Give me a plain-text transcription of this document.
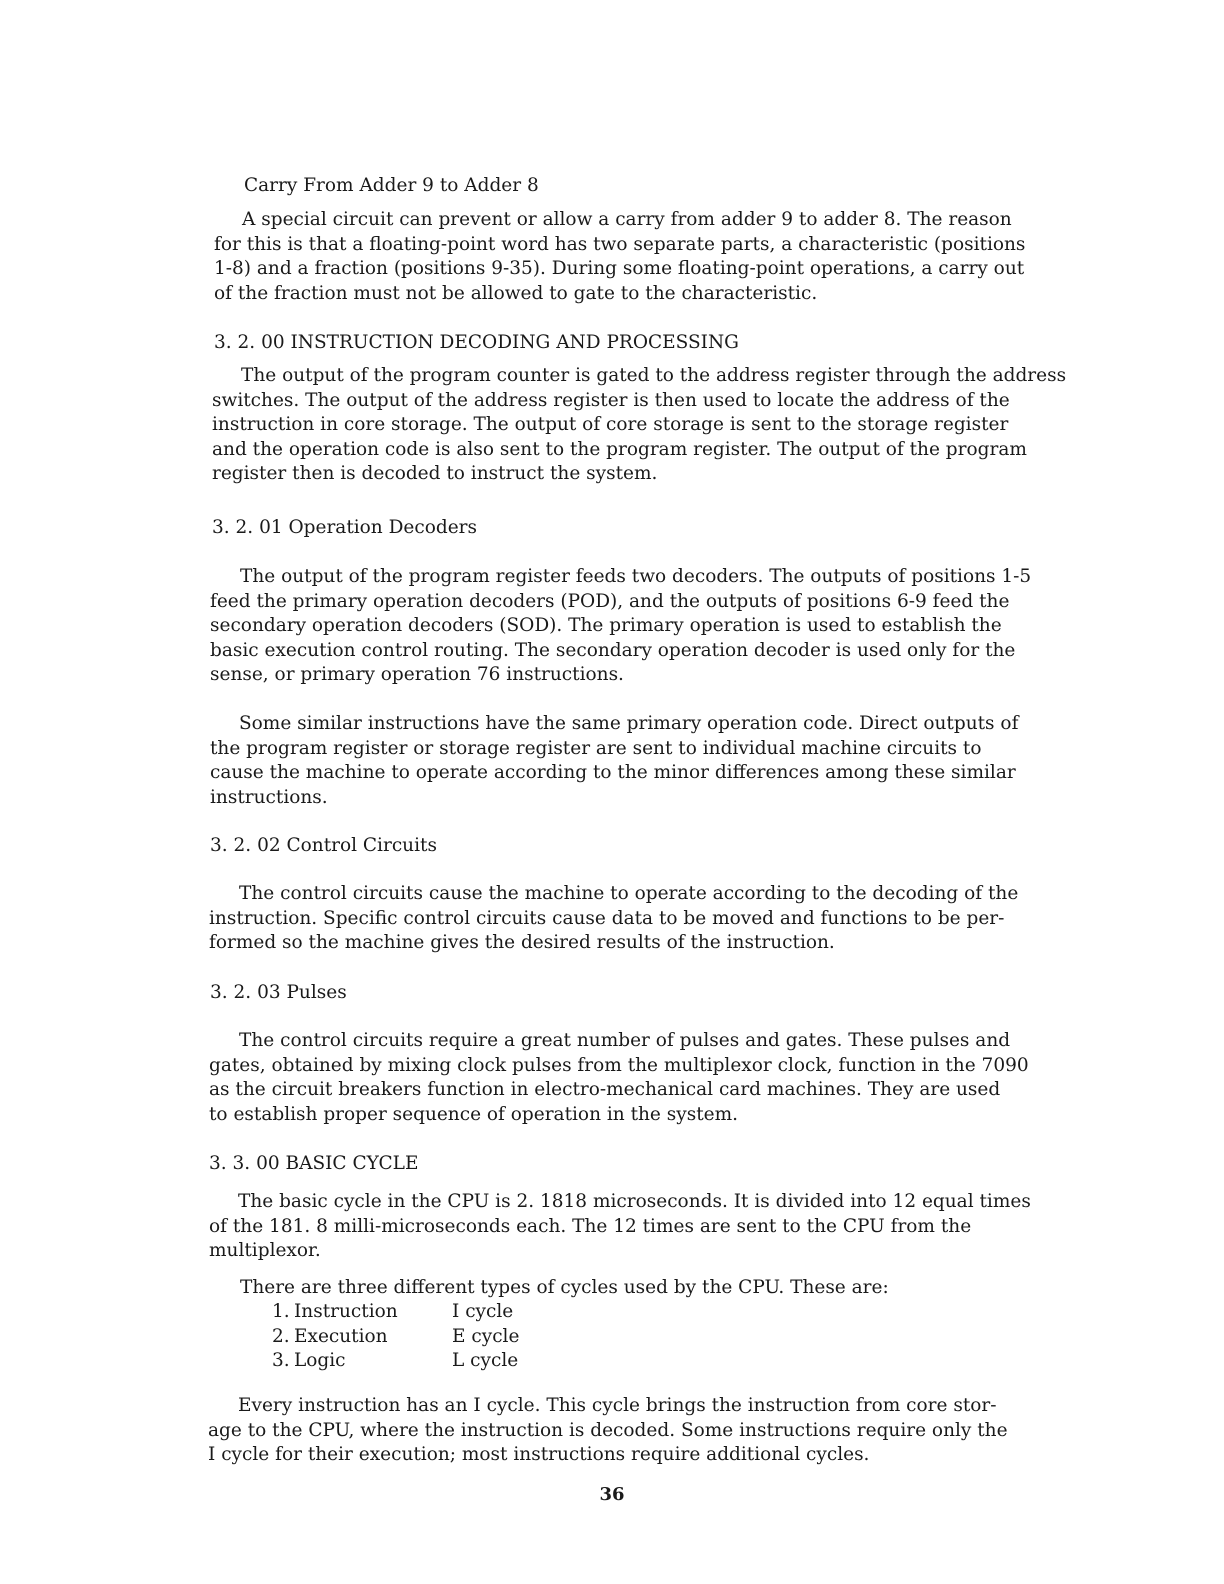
Carry From Adder 9 to Adder 8
A special circuit can prevent or allow a carry from adder 9 to adder 8. The reason
for this is that a floating-point word has two separate parts, a characteristic (positions
1-8) and a fraction (positions 9-35). During some floating-point operations, a carry out
of the fraction must not be allowed to gate to the characteristic.
3. 2. 00 INSTRUCTION DECODING AND PROCESSING
The output of the program counter is gated to the address register through the address
switches. The output of the address register is then used to locate the address of the
instruction in core storage. The output of core storage is sent to the storage register
and the operation code is also sent to the program register. The output of the program
register then is decoded to instruct the system.
3. 2. 01 Operation Decoders
The output of the program register feeds two decoders. The outputs of positions 1-5
feed the primary operation decoders (POD), and the outputs of positions 6-9 feed the
secondary operation decoders (SOD). The primary operation is used to establish the
basic execution control routing. The secondary operation decoder is used only for the
sense, or primary operation 76 instructions.
Some similar instructions have the same primary operation code. Direct outputs of
the program register or storage register are sent to individual machine circuits to
cause the machine to operate according to the minor differences among these similar
instructions.
3. 2. 02 Control Circuits
The control circuits cause the machine to operate according to the decoding of the
instruction. Specific control circuits cause data to be moved and functions to be per-
formed so the machine gives the desired results of the instruction.
3. 2. 03 Pulses
The control circuits require a great number of pulses and gates. These pulses and
gates, obtained by mixing clock pulses from the multiplexor clock, function in the 7090
as the circuit breakers function in electro-mechanical card machines. They are used
to establish proper sequence of operation in the system.
3. 3. 00 BASIC CYCLE
The basic cycle in the CPU is 2. 1818 microseconds. It is divided into 12 equal times
of the 181. 8 milli-microseconds each. The 12 times are sent to the CPU from the
multiplexor.
There are three different types of cycles used by the CPU. These are:
1. Instruction	I cycle
2. Execution	E cycle
3. Logic	L cycle
Every instruction has an I cycle. This cycle brings the instruction from core stor-
age to the CPU, where the instruction is decoded. Some instructions require only the
I cycle for their execution; most instructions require additional cycles.
36
